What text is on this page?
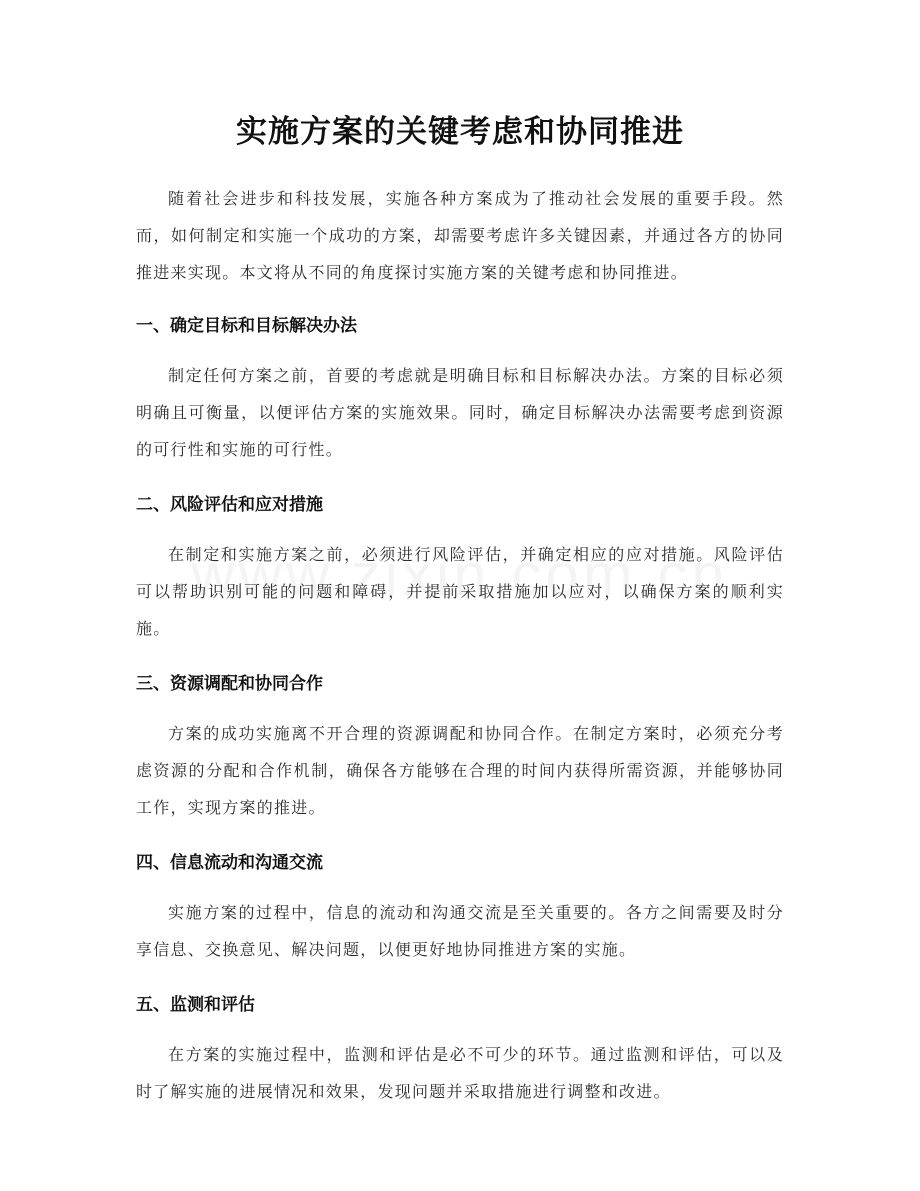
实施方案的关键考虑和协同推进

随着社会进步和科技发展，实施各种方案成为了推动社会发展的重要手段。然而，如何制定和实施一个成功的方案，却需要考虑许多关键因素，并通过各方的协同推进来实现。本文将从不同的角度探讨实施方案的关键考虑和协同推进。

一、确定目标和目标解决办法

制定任何方案之前，首要的考虑就是明确目标和目标解决办法。方案的目标必须明确且可衡量，以便评估方案的实施效果。同时，确定目标解决办法需要考虑到资源的可行性和实施的可行性。

二、风险评估和应对措施

在制定和实施方案之前，必须进行风险评估，并确定相应的应对措施。风险评估可以帮助识别可能的问题和障碍，并提前采取措施加以应对，以确保方案的顺利实施。

三、资源调配和协同合作

方案的成功实施离不开合理的资源调配和协同合作。在制定方案时，必须充分考虑资源的分配和合作机制，确保各方能够在合理的时间内获得所需资源，并能够协同工作，实现方案的推进。

四、信息流动和沟通交流

实施方案的过程中，信息的流动和沟通交流是至关重要的。各方之间需要及时分享信息、交换意见、解决问题，以便更好地协同推进方案的实施。

五、监测和评估

在方案的实施过程中，监测和评估是必不可少的环节。通过监测和评估，可以及时了解实施的进展情况和效果，发现问题并采取措施进行调整和改进。
